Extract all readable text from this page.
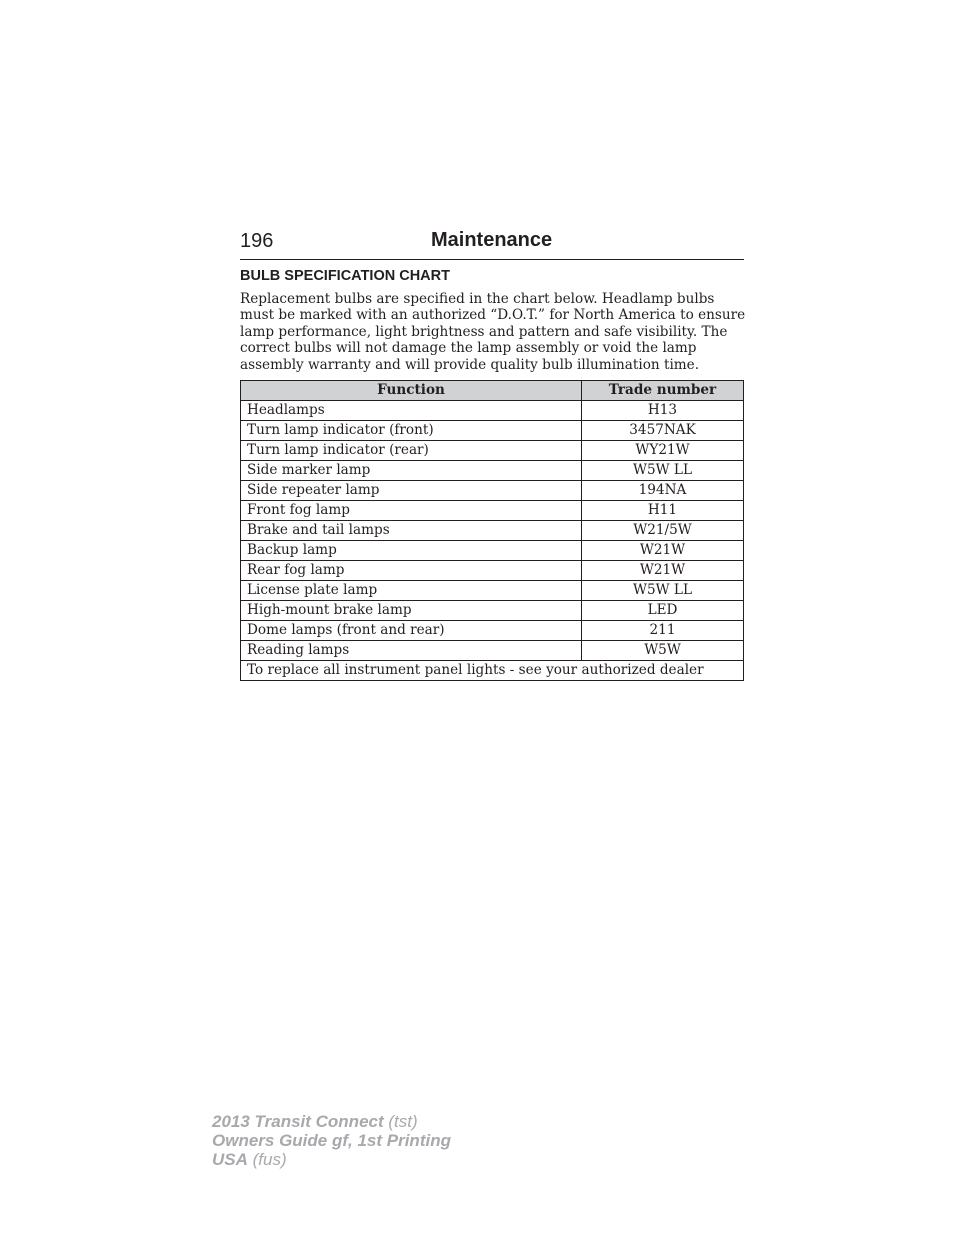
196	Maintenance
BULB SPECIFICATION CHART

Replacement bulbs are specified in the chart below. Headlamp bulbs must be marked with an authorized “D.O.T.” for North America to ensure lamp performance, light brightness and pattern and safe visibility. The correct bulbs will not damage the lamp assembly or void the lamp assembly warranty and will provide quality bulb illumination time.

Function	Trade number
Headlamps	H13
Turn lamp indicator (front)	3457NAK
Turn lamp indicator (rear)	WY21W
Side marker lamp	W5W LL
Side repeater lamp	194NA
Front fog lamp	H11
Brake and tail lamps	W21/5W
Backup lamp	W21W
Rear fog lamp	W21W
License plate lamp	W5W LL
High-mount brake lamp	LED
Dome lamps (front and rear)	211
Reading lamps	W5W
To replace all instrument panel lights - see your authorized dealer	
2013 Transit Connect (tst)
Owners Guide gf, 1st Printing
USA (fus)
